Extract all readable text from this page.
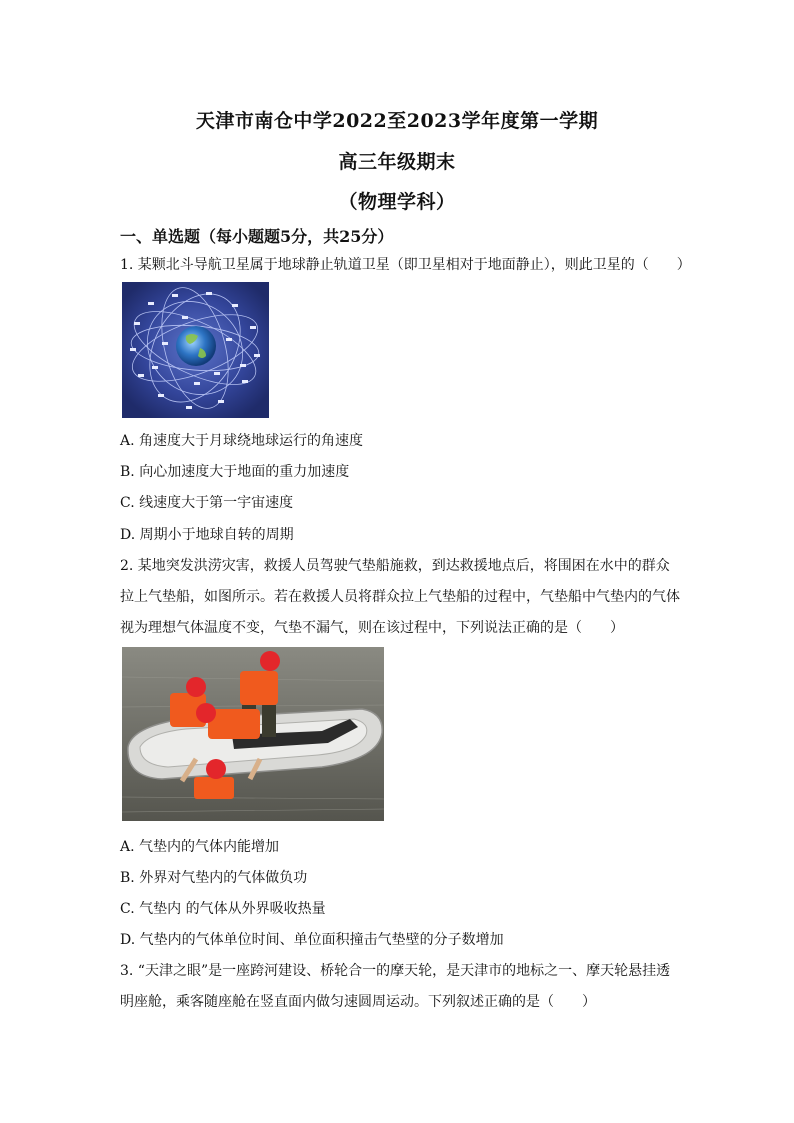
天津市南仓中学2022至2023学年度第一学期
高三年级期末
（物理学科）
一、单选题（每小题题5分，共25分）
1. 某颗北斗导航卫星属于地球静止轨道卫星（即卫星相对于地面静止），则此卫星的（　　）
A. 角速度大于月球绕地球运行的角速度
B. 向心加速度大于地面的重力加速度
C. 线速度大于第一宇宙速度
D. 周期小于地球自转的周期
2. 某地突发洪涝灾害，救援人员驾驶气垫船施救，到达救援地点后，将围困在水中的群众
拉上气垫船，如图所示。若在救援人员将群众拉上气垫船的过程中，气垫船中气垫内的气体
视为理想气体温度不变，气垫不漏气，则在该过程中，下列说法正确的是（　　）
A. 气垫内的气体内能增加
B. 外界对气垫内的气体做负功
C. 气垫内 的气体从外界吸收热量
D. 气垫内的气体单位时间、单位面积撞击气垫壁的分子数增加
3. “天津之眼”是一座跨河建设、桥轮合一的摩天轮，是天津市的地标之一、摩天轮悬挂透
明座舱，乘客随座舱在竖直面内做匀速圆周运动。下列叙述正确的是（　　）
